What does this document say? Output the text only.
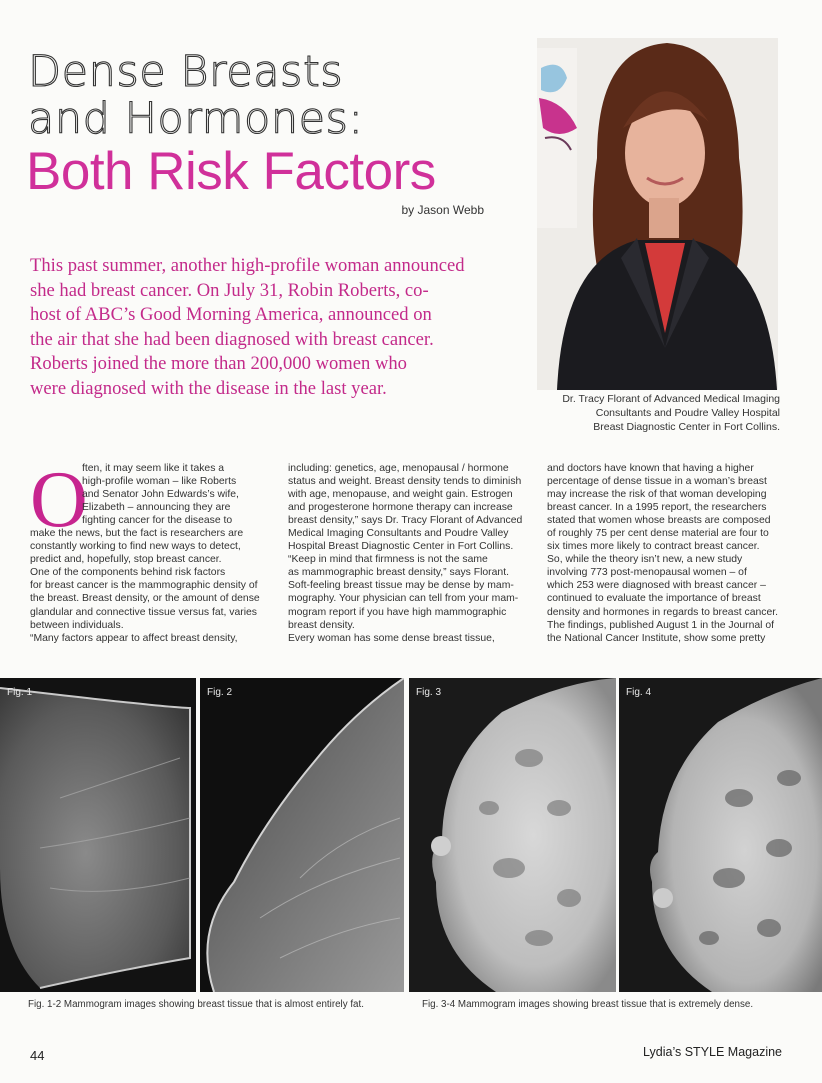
Dense Breasts
and Hormones:
Both Risk Factors
by Jason Webb
This past summer, another high-profile woman announced
she had breast cancer. On July 31, Robin Roberts, co-
host of ABC’s Good Morning America, announced on
the air that she had been diagnosed with breast cancer.
Roberts joined the more than 200,000 women who
were diagnosed with the disease in the last year.
Dr. Tracy Florant of Advanced Medical Imaging
Consultants and Poudre Valley Hospital
Breast Diagnostic Center in Fort Collins.
O
ften, it may seem like it takes a
high-profile woman – like Roberts
and Senator John Edwards’s wife,
Elizabeth – announcing they are
fighting cancer for the disease to
make the news, but the fact is researchers are
constantly working to find new ways to detect,
predict and, hopefully, stop breast cancer.
One of the components behind risk factors
for breast cancer is the mammographic density of
the breast. Breast density, or the amount of dense
glandular and connective tissue versus fat, varies
between individuals.
“Many factors appear to affect breast density,
including: genetics, age, menopausal / hormone
status and weight. Breast density tends to diminish
with age, menopause, and weight gain. Estrogen
and progesterone hormone therapy can increase
breast density,” says Dr. Tracy Florant of Advanced
Medical Imaging Consultants and Poudre Valley
Hospital Breast Diagnostic Center in Fort Collins.
“Keep in mind that firmness is not the same
as mammographic breast density,” says Florant.
Soft-feeling breast tissue may be dense by mam-
mography. Your physician can tell from your mam-
mogram report if you have high mammographic
breast density.
Every woman has some dense breast tissue,
and doctors have known that having a higher
percentage of dense tissue in a woman’s breast
may increase the risk of that woman developing
breast cancer. In a 1995 report, the researchers
stated that women whose breasts are composed
of roughly 75 per cent dense material are four to
six times more likely to contract breast cancer.
So, while the theory isn’t new, a new study
involving 773 post-menopausal women – of
which 253 were diagnosed with breast cancer –
continued to evaluate the importance of breast
density and hormones in regards to breast cancer.
The findings, published August 1 in the Journal of
the National Cancer Institute, show some pretty
Fig. 1	Fig. 2	Fig. 3	Fig. 4
Fig. 1-2 Mammogram images showing breast tissue that is almost entirely fat.	Fig. 3-4 Mammogram images showing breast tissue that is extremely dense.
44	Lydia’s STYLE Magazine
